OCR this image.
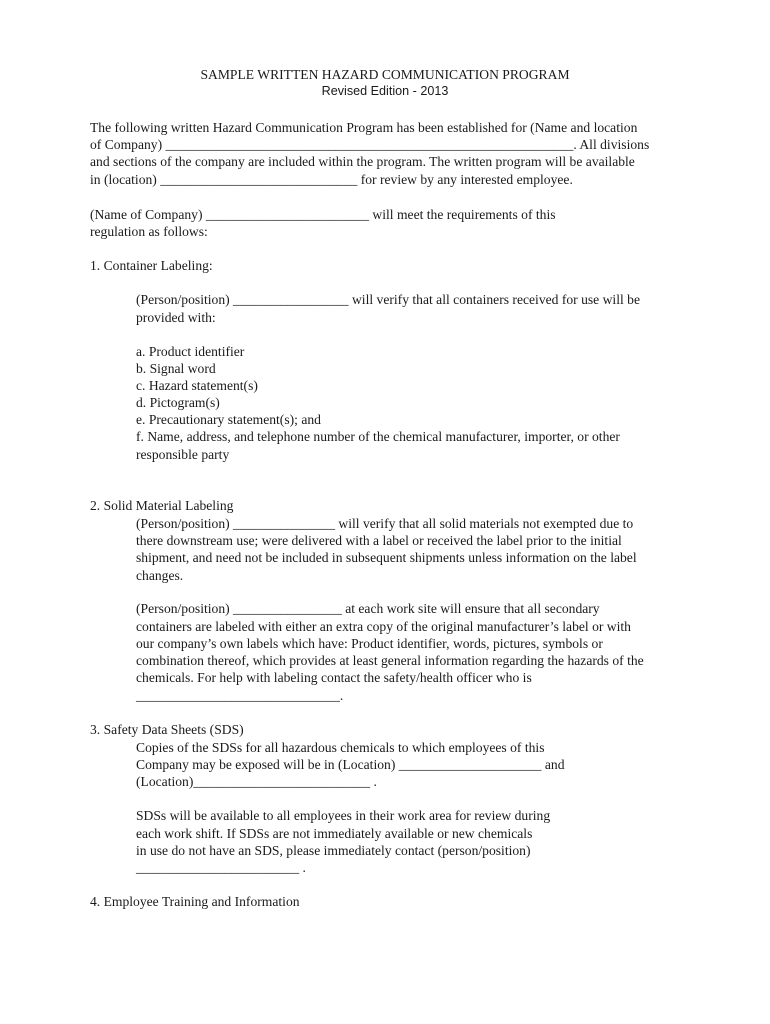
SAMPLE WRITTEN HAZARD COMMUNICATION PROGRAM
Revised Edition - 2013
The following written Hazard Communication Program has been established for (Name and location
of Company) ____________________________________________________________. All divisions
and sections of the company are included within the program. The written program will be available
in (location) _____________________________ for review by any interested employee.
(Name of Company) ________________________ will meet the requirements of this
regulation as follows:
1. Container Labeling:
(Person/position) _________________ will verify that all containers received for use will be
provided with:
a. Product identifier
b. Signal word
c. Hazard statement(s)
d. Pictogram(s)
e. Precautionary statement(s); and
f. Name, address, and telephone number of the chemical manufacturer, importer, or other
responsible party
2. Solid Material Labeling
(Person/position) _______________ will verify that all solid materials not exempted due to
there downstream use; were delivered with a label or received the label prior to the initial
shipment, and need not be included in subsequent shipments unless information on the label
changes.
(Person/position) ________________ at each work site will ensure that all secondary
containers are labeled with either an extra copy of the original manufacturer’s label or with
our company’s own labels which have: Product identifier, words, pictures, symbols or
combination thereof, which provides at least general information regarding the hazards of the
chemicals. For help with labeling contact the safety/health officer who is
______________________________.
3. Safety Data Sheets (SDS)
Copies of the SDSs for all hazardous chemicals to which employees of this
Company may be exposed will be in (Location) _____________________ and
(Location)__________________________ .
SDSs will be available to all employees in their work area for review during
each work shift. If SDSs are not immediately available or new chemicals
in use do not have an SDS, please immediately contact (person/position)
________________________ .
4. Employee Training and Information
